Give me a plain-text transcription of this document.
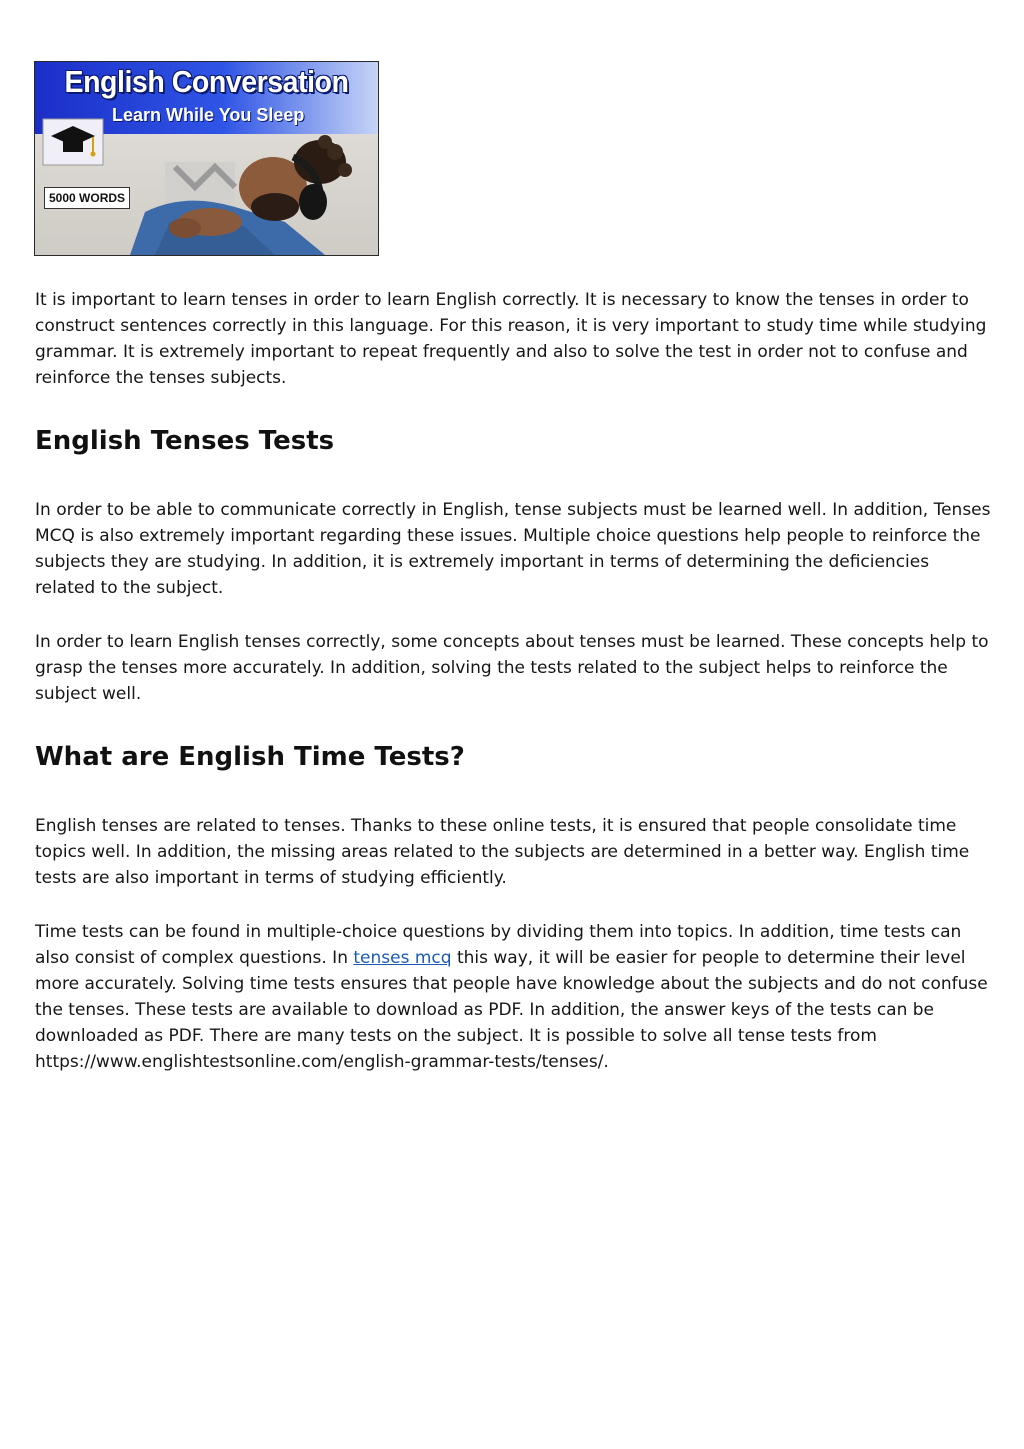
English Conversation
Learn While You Sleep
5000 WORDS

It is important to learn tenses in order to learn English correctly. It is necessary to know the tenses in order to construct sentences correctly in this language. For this reason, it is very important to study time while studying grammar. It is extremely important to repeat frequently and also to solve the test in order not to confuse and reinforce the tenses subjects.

English Tenses Tests

In order to be able to communicate correctly in English, tense subjects must be learned well. In addition, Tenses MCQ is also extremely important regarding these issues. Multiple choice questions help people to reinforce the subjects they are studying. In addition, it is extremely important in terms of determining the deficiencies related to the subject.

In order to learn English tenses correctly, some concepts about tenses must be learned. These concepts help to grasp the tenses more accurately. In addition, solving the tests related to the subject helps to reinforce the subject well.

What are English Time Tests?

English tenses are related to tenses. Thanks to these online tests, it is ensured that people consolidate time topics well. In addition, the missing areas related to the subjects are determined in a better way. English time tests are also important in terms of studying efficiently.

Time tests can be found in multiple-choice questions by dividing them into topics. In addition, time tests can also consist of complex questions. In tenses mcq this way, it will be easier for people to determine their level more accurately. Solving time tests ensures that people have knowledge about the subjects and do not confuse the tenses. These tests are available to download as PDF. In addition, the answer keys of the tests can be downloaded as PDF. There are many tests on the subject. It is possible to solve all tense tests from https://www.englishtestsonline.com/english-grammar-tests/tenses/.
